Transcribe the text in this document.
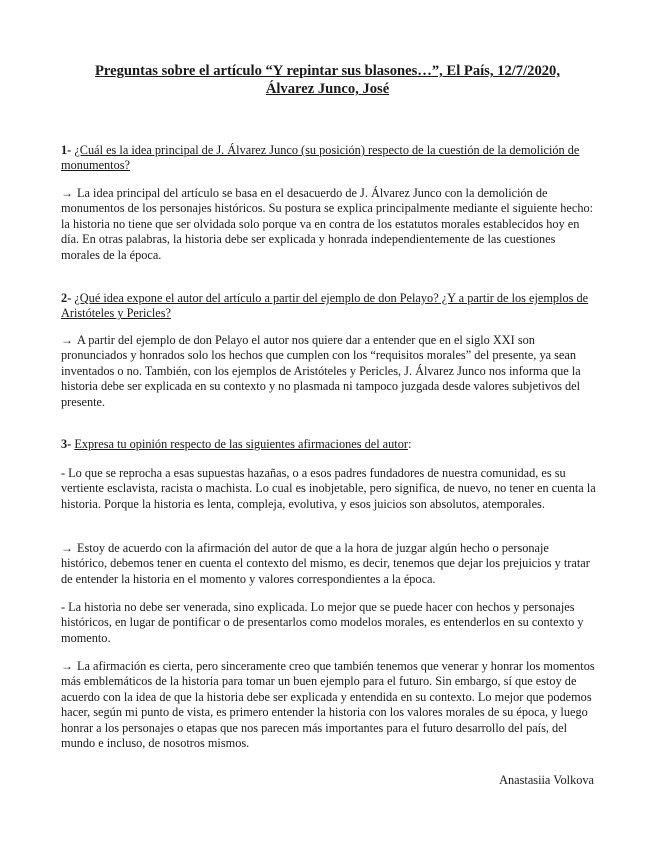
Preguntas sobre el artículo “Y repintar sus blasones…”, El País, 12/7/2020,
Álvarez Junco, José
1- ¿Cuál es la idea principal de J. Álvarez Junco (su posición) respecto de la cuestión de la demolición de monumentos?
→ La idea principal del artículo se basa en el desacuerdo de J. Álvarez Junco con la demolición de monumentos de los personajes históricos. Su postura se explica principalmente mediante el siguiente hecho: la historia no tiene que ser olvidada solo porque va en contra de los estatutos morales establecidos hoy en día. En otras palabras, la historia debe ser explicada y honrada independientemente de las cuestiones morales de la época.
2- ¿Qué idea expone el autor del artículo a partir del ejemplo de don Pelayo? ¿Y a partir de los ejemplos de Aristóteles y Pericles?
→ A partir del ejemplo de don Pelayo el autor nos quiere dar a entender que en el siglo XXI son pronunciados y honrados solo los hechos que cumplen con los “requisitos morales” del presente, ya sean inventados o no. También, con los ejemplos de Aristóteles y Pericles, J. Álvarez Junco nos informa que la historia debe ser explicada en su contexto y no plasmada ni tampoco juzgada desde valores subjetivos del presente.
3- Expresa tu opinión respecto de las siguientes afirmaciones del autor:
- Lo que se reprocha a esas supuestas hazañas, o a esos padres fundadores de nuestra comunidad, es su vertiente esclavista, racista o machista. Lo cual es inobjetable, pero significa, de nuevo, no tener en cuenta la historia. Porque la historia es lenta, compleja, evolutiva, y esos juicios son absolutos, atemporales.
→ Estoy de acuerdo con la afirmación del autor de que a la hora de juzgar algún hecho o personaje histórico, debemos tener en cuenta el contexto del mismo, es decir, tenemos que dejar los prejuicios y tratar de entender la historia en el momento y valores correspondientes a la época.
- La historia no debe ser venerada, sino explicada. Lo mejor que se puede hacer con hechos y personajes históricos, en lugar de pontificar o de presentarlos como modelos morales, es entenderlos en su contexto y momento.
→ La afirmación es cierta, pero sinceramente creo que también tenemos que venerar y honrar los momentos más emblemáticos de la historia para tomar un buen ejemplo para el futuro. Sin embargo, sí que estoy de acuerdo con la idea de que la historia debe ser explicada y entendida en su contexto. Lo mejor que podemos hacer, según mi punto de vista, es primero entender la historia con los valores morales de su época, y luego honrar a los personajes o etapas que nos parecen más importantes para el futuro desarrollo del país, del mundo e incluso, de nosotros mismos.
Anastasiia Volkova
